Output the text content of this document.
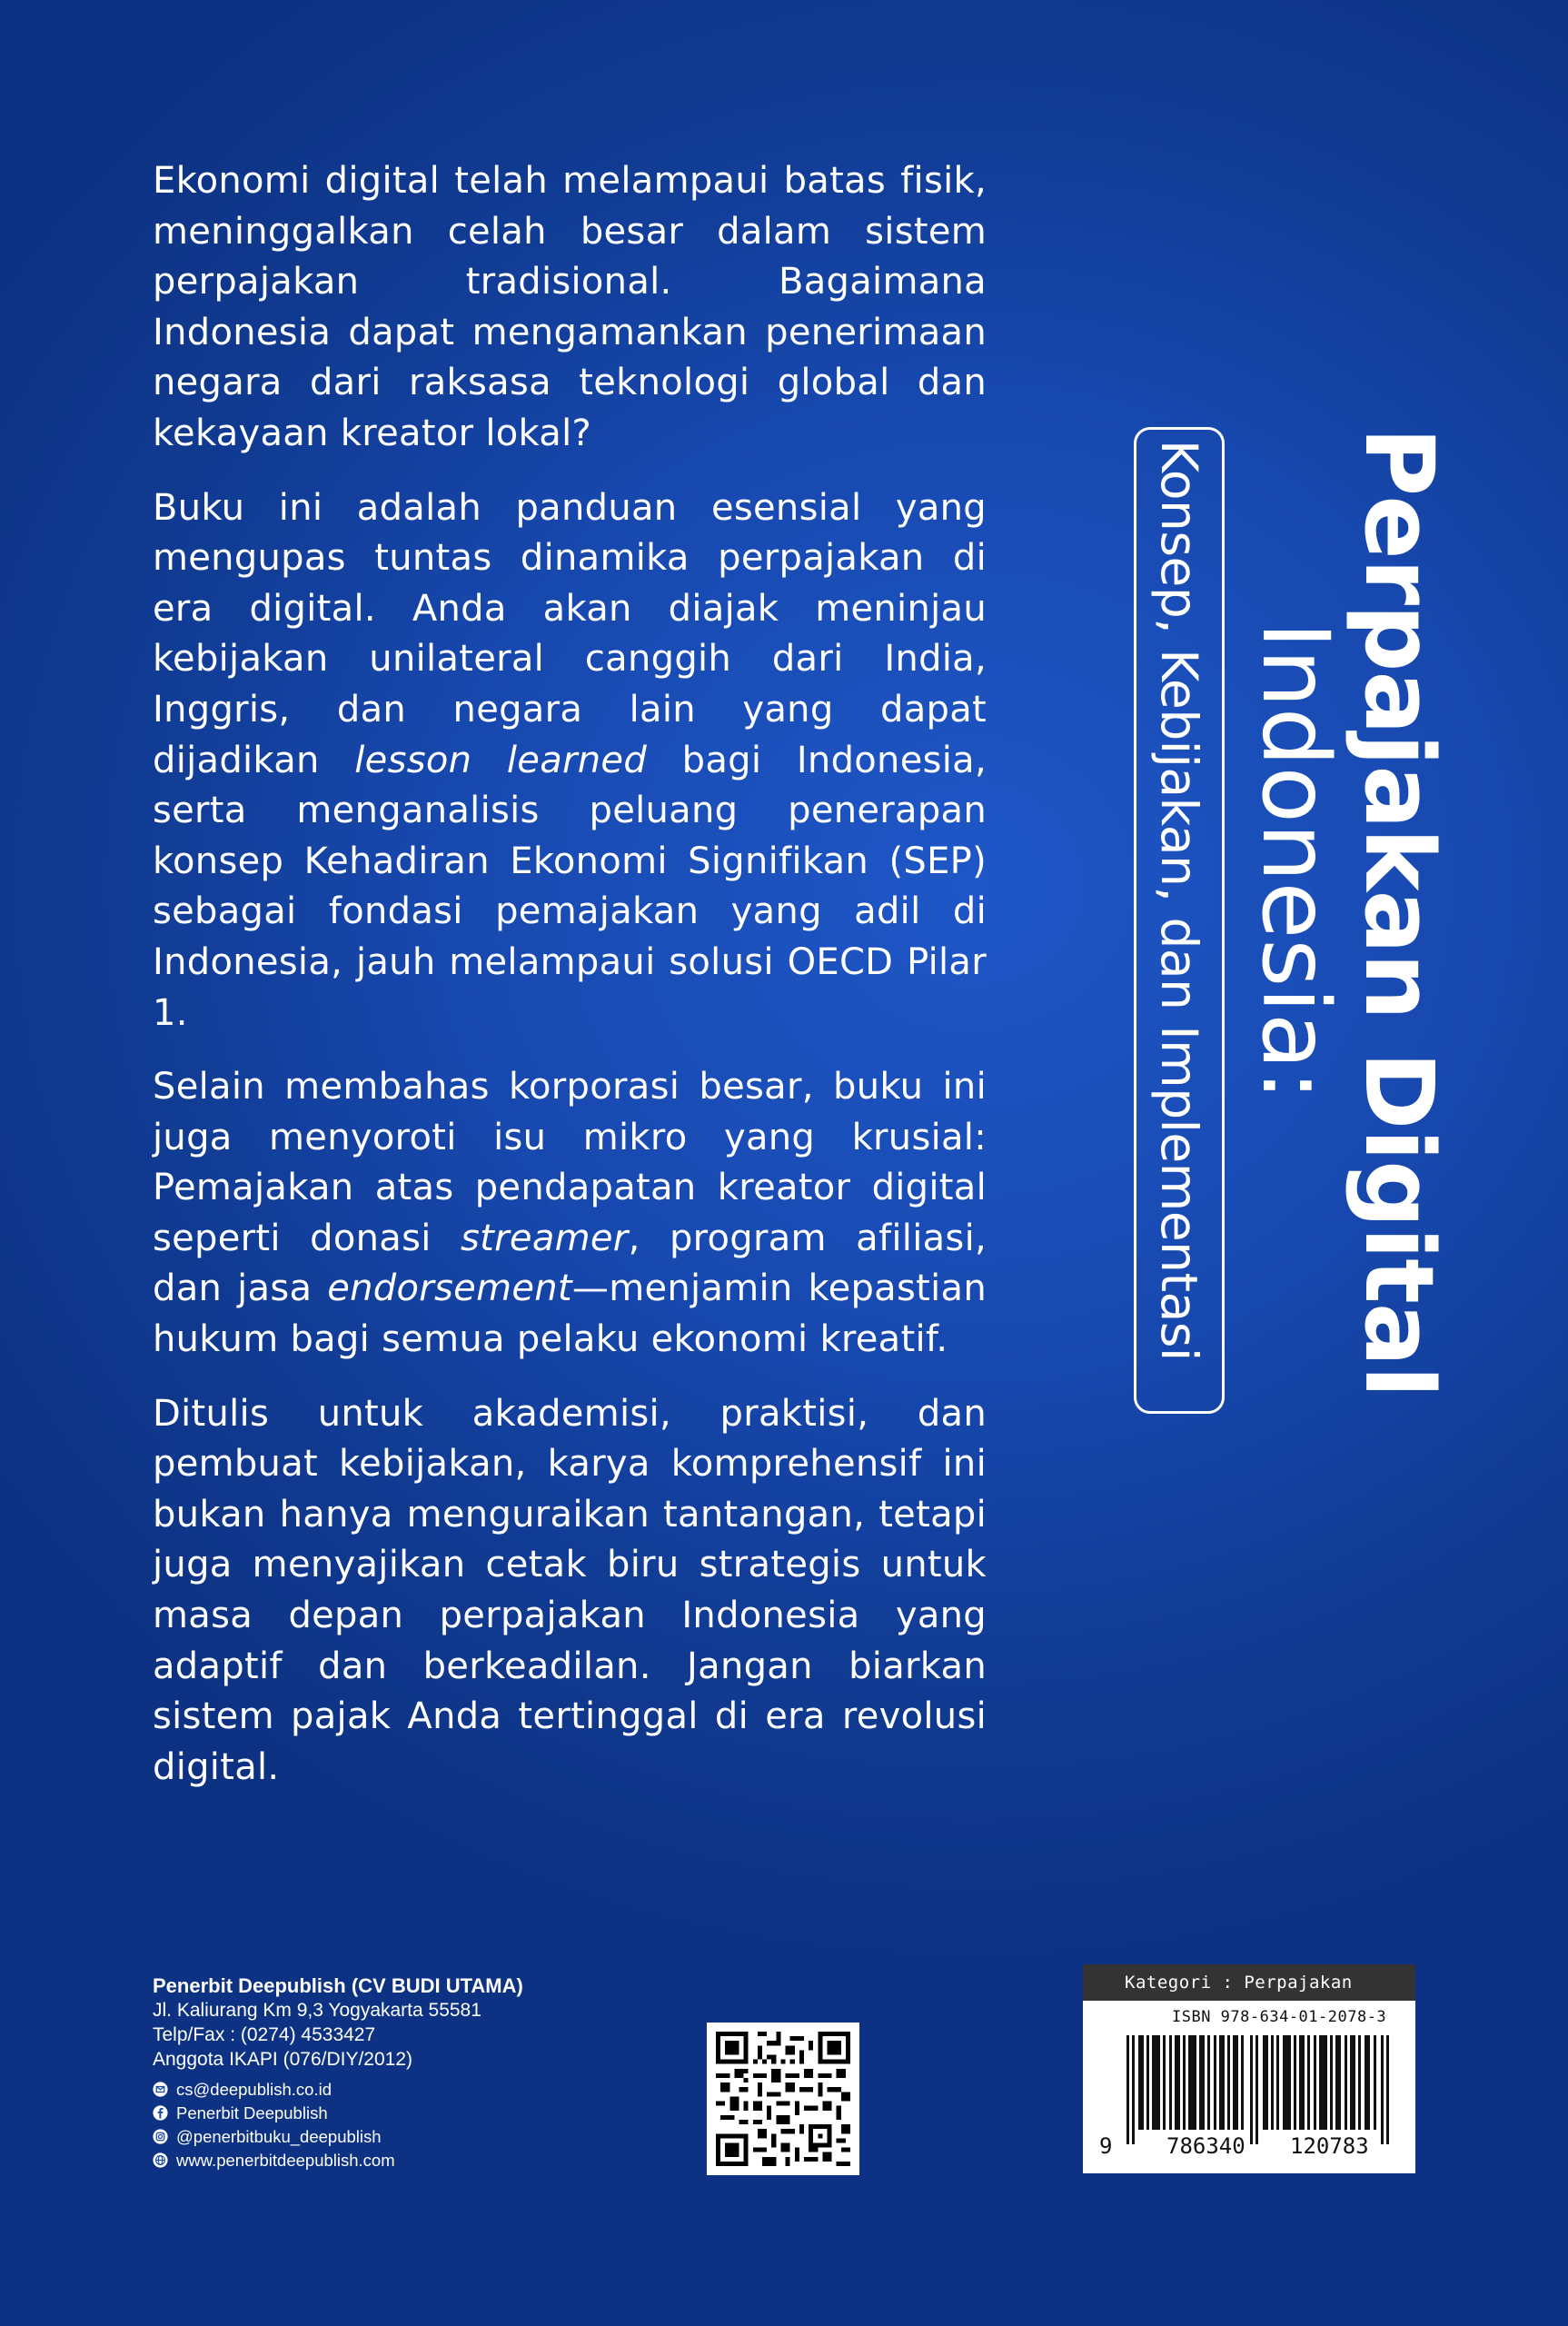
Ekonomi digital telah melampaui batas fisik, meninggalkan celah besar dalam sistem perpajakan tradisional. Bagaimana Indonesia dapat mengamankan penerimaan negara dari raksasa teknologi global dan kekayaan kreator lokal?

Buku ini adalah panduan esensial yang mengupas tuntas dinamika perpajakan di era digital. Anda akan diajak meninjau kebijakan unilateral canggih dari India, Inggris, dan negara lain yang dapat dijadikan lesson learned bagi Indonesia, serta menganalisis peluang penerapan konsep Kehadiran Ekonomi Signifikan (SEP) sebagai fondasi pemajakan yang adil di Indonesia, jauh melampaui solusi OECD Pilar 1.

Selain membahas korporasi besar, buku ini juga menyoroti isu mikro yang krusial: Pemajakan atas pendapatan kreator digital seperti donasi streamer, program afiliasi, dan jasa endorsement—menjamin kepastian hukum bagi semua pelaku ekonomi kreatif.

Ditulis untuk akademisi, praktisi, dan pembuat kebijakan, karya komprehensif ini bukan hanya menguraikan tantangan, tetapi juga menyajikan cetak biru strategis untuk masa depan perpajakan Indonesia yang adaptif dan berkeadilan. Jangan biarkan sistem pajak Anda tertinggal di era revolusi digital.

Perpajakan Digital
Indonesia:
Konsep, Kebijakan, dan Implementasi
Penerbit Deepublish (CV BUDI UTAMA)
Jl. Kaliurang Km 9,3 Yogyakarta 55581
Telp/Fax : (0274) 4533427
Anggota IKAPI (076/DIY/2012)
cs@deepublish.co.id
Penerbit Deepublish
@penerbitbuku_deepublish
www.penerbitdeepublish.com
Kategori : Perpajakan
ISBN 978-634-01-2078-3
9 786340 120783
